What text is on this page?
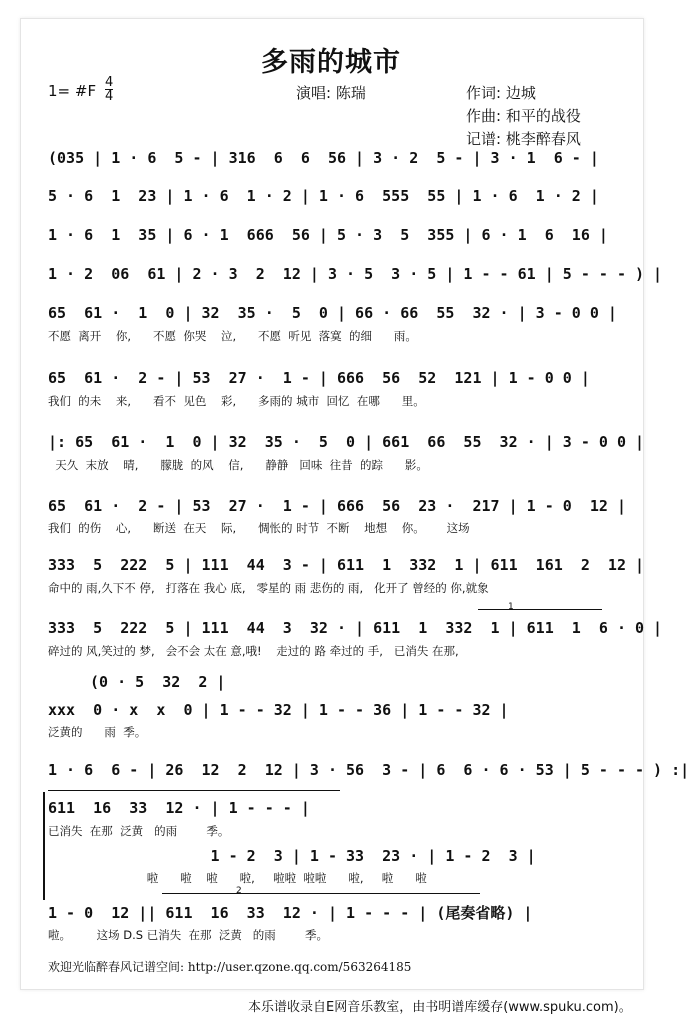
多雨的城市
1= #F $\frac{4}{4}$	演唱: 陈瑞	作词: 边城
作曲: 和平的战役
记谱: 桃李醉春风
(035 | 1 · 6  5 - | 316  6  6  56 | 3 · 2  5 - | 3 · 1  6 - |
5 · 6  1  23 | 1 · 6  1 · 2 | 1 · 6  555  55 | 1 · 6  1 · 2 |
1 · 6  1  35 | 6 · 1  666  56 | 5 · 3  5  355 | 6 · 1  6  16 |
1 · 2  06  61 | 2 · 3  2  12 | 3 · 5  3 · 5 | 1 - - 61 | 5 - - - ) |
65  61 ·  1  0 | 32  35 ·  5  0 | 66 · 66  55  32 · | 3 - 0 0 |
不愿  离开    你,      不愿  你哭    泣,      不愿  听见  落寞  的细      雨。
65  61 ·  2 - | 53  27 ·  1 - | 666  56  52  121 | 1 - 0 0 |
我们  的未    来,      看不  见色    彩,      多雨的 城市  回忆  在哪      里。
|: 65  61 ·  1  0 | 32  35 ·  5  0 | 661  66  55  32 · | 3 - 0 0 |
天久  末放    晴,      朦胧  的风    信,      静静   回味  往昔  的踪      影。
65  61 ·  2 - | 53  27 ·  1 - | 666  56  23 ·  217 | 1 - 0  12 |
我们  的伤    心,      断送  在天    际,      惆怅的 时节  不断    地想    你。      这场
333  5  222  5 | 111  44  3 - | 611  1  332  1 | 611  161  2  12 |
命中的 雨,久下不 停,   打落在 我心 底,   零星的 雨 悲伤的 雨,   化开了 曾经的 你,就象
1
333  5  222  5 | 111  44  3  32 · | 611  1  332  1 | 611  1  6 · 0 |
碎过的 风,笑过的 梦,   会不会 太在 意,哦!    走过的 路 牵过的 手,   已消失 在那,
(0 · 5  32  2 |
xxx  0 · x  x  0 | 1 - - 32 | 1 - - 36 | 1 - - 32 |
泛黄的      雨  季。
1 · 6  6 - | 26  12  2  12 | 3 · 56  3 - | 6  6 · 6 · 53 | 5 - - - ) :|
611  16  33  12 · | 1 - - - |
已消失  在那  泛黄   的雨        季。
1 - 2  3 | 1 - 33  23 · | 1 - 2  3 |
啦      啦    啦      啦,     啦啦  啦啦      啦,     啦      啦
2
1 - 0  12 || 611  16  33  12 · | 1 - - - | (尾奏省略) |
啦。       这场 D.S 已消失  在那  泛黄   的雨        季。
欢迎光临醉春风记谱空间: http://user.qzone.qq.com/563264185
本乐谱收录自E网音乐教室，由书明谱库缓存(www.spuku.com)。
